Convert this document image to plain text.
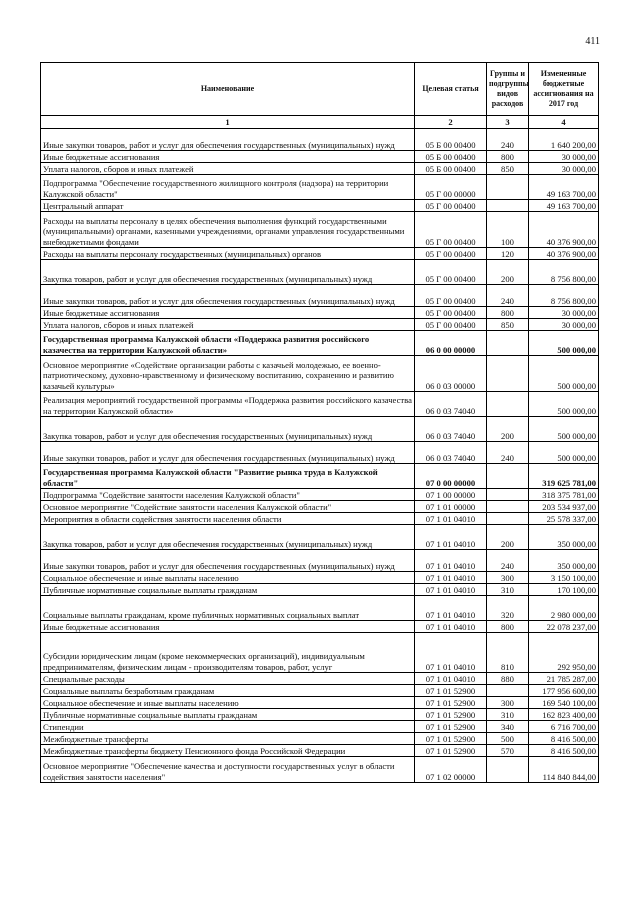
411
Наименование	Целевая статья	Группы и подгруппы видов расходов	Измененные бюджетные ассигнования на 2017 год
1	2	3	4
Иные закупки товаров, работ и услуг для обеспечения государственных (муниципальных) нужд	05 Б 00 00400	240	1 640 200,00
Иные бюджетные ассигнования	05 Б 00 00400	800	30 000,00
Уплата налогов, сборов и иных платежей	05 Б 00 00400	850	30 000,00
Подпрограмма "Обеспечение государственного жилищного контроля (надзора) на территории Калужской области"	05 Г 00 00000		49 163 700,00
Центральный аппарат	05 Г 00 00400		49 163 700,00
Расходы на выплаты персоналу в целях обеспечения выполнения функций государственными (муниципальными) органами, казенными учреждениями, органами управления государственными внебюджетными фондами	05 Г 00 00400	100	40 376 900,00
Расходы на выплаты персоналу государственных (муниципальных) органов	05 Г 00 00400	120	40 376 900,00
Закупка товаров, работ и услуг для обеспечения государственных (муниципальных) нужд	05 Г 00 00400	200	8 756 800,00
Иные закупки товаров, работ и услуг для обеспечения государственных (муниципальных) нужд	05 Г 00 00400	240	8 756 800,00
Иные бюджетные ассигнования	05 Г 00 00400	800	30 000,00
Уплата налогов, сборов и иных платежей	05 Г 00 00400	850	30 000,00
Государственная программа Калужской области «Поддержка развития российского казачества на территории Калужской области»	06 0 00 00000		500 000,00
Основное мероприятие «Содействие организации работы с казачьей молодежью, ее военно-патриотическому, духовно-нравственному и физическому воспитанию, сохранению и развитию казачьей культуры»	06 0 03 00000		500 000,00
Реализация мероприятий государственной программы «Поддержка развития российского казачества на территории Калужской области»	06 0 03 74040		500 000,00
Закупка товаров, работ и услуг для обеспечения государственных (муниципальных) нужд	06 0 03 74040	200	500 000,00
Иные закупки товаров, работ и услуг для обеспечения государственных (муниципальных) нужд	06 0 03 74040	240	500 000,00
Государственная программа Калужской области "Развитие рынка труда в Калужской области"	07 0 00 00000		319 625 781,00
Подпрограмма "Содействие занятости населения Калужской области"	07 1 00 00000		318 375 781,00
Основное мероприятие "Содействие занятости населения Калужской области"	07 1 01 00000		203 534 937,00
Мероприятия в области содействия занятости населения области	07 1 01 04010		25 578 337,00
Закупка товаров, работ и услуг для обеспечения государственных (муниципальных) нужд	07 1 01 04010	200	350 000,00
Иные закупки товаров, работ и услуг для обеспечения государственных (муниципальных) нужд	07 1 01 04010	240	350 000,00
Социальное обеспечение и иные выплаты населению	07 1 01 04010	300	3 150 100,00
Публичные нормативные социальные выплаты гражданам	07 1 01 04010	310	170 100,00
Социальные выплаты гражданам, кроме публичных нормативных социальных выплат	07 1 01 04010	320	2 980 000,00
Иные бюджетные ассигнования	07 1 01 04010	800	22 078 237,00
Субсидии юридическим лицам (кроме некоммерческих организаций), индивидуальным предпринимателям, физическим лицам - производителям товаров, работ, услуг	07 1 01 04010	810	292 950,00
Специальные расходы	07 1 01 04010	880	21 785 287,00
Социальные выплаты безработным гражданам	07 1 01 52900		177 956 600,00
Социальное обеспечение и иные выплаты населению	07 1 01 52900	300	169 540 100,00
Публичные нормативные социальные выплаты гражданам	07 1 01 52900	310	162 823 400,00
Стипендии	07 1 01 52900	340	6 716 700,00
Межбюджетные трансферты	07 1 01 52900	500	8 416 500,00
Межбюджетные трансферты бюджету Пенсионного фонда Российской Федерации	07 1 01 52900	570	8 416 500,00
Основное мероприятие "Обеспечение качества и доступности государственных услуг в области содействия занятости населения"	07 1 02 00000		114 840 844,00
